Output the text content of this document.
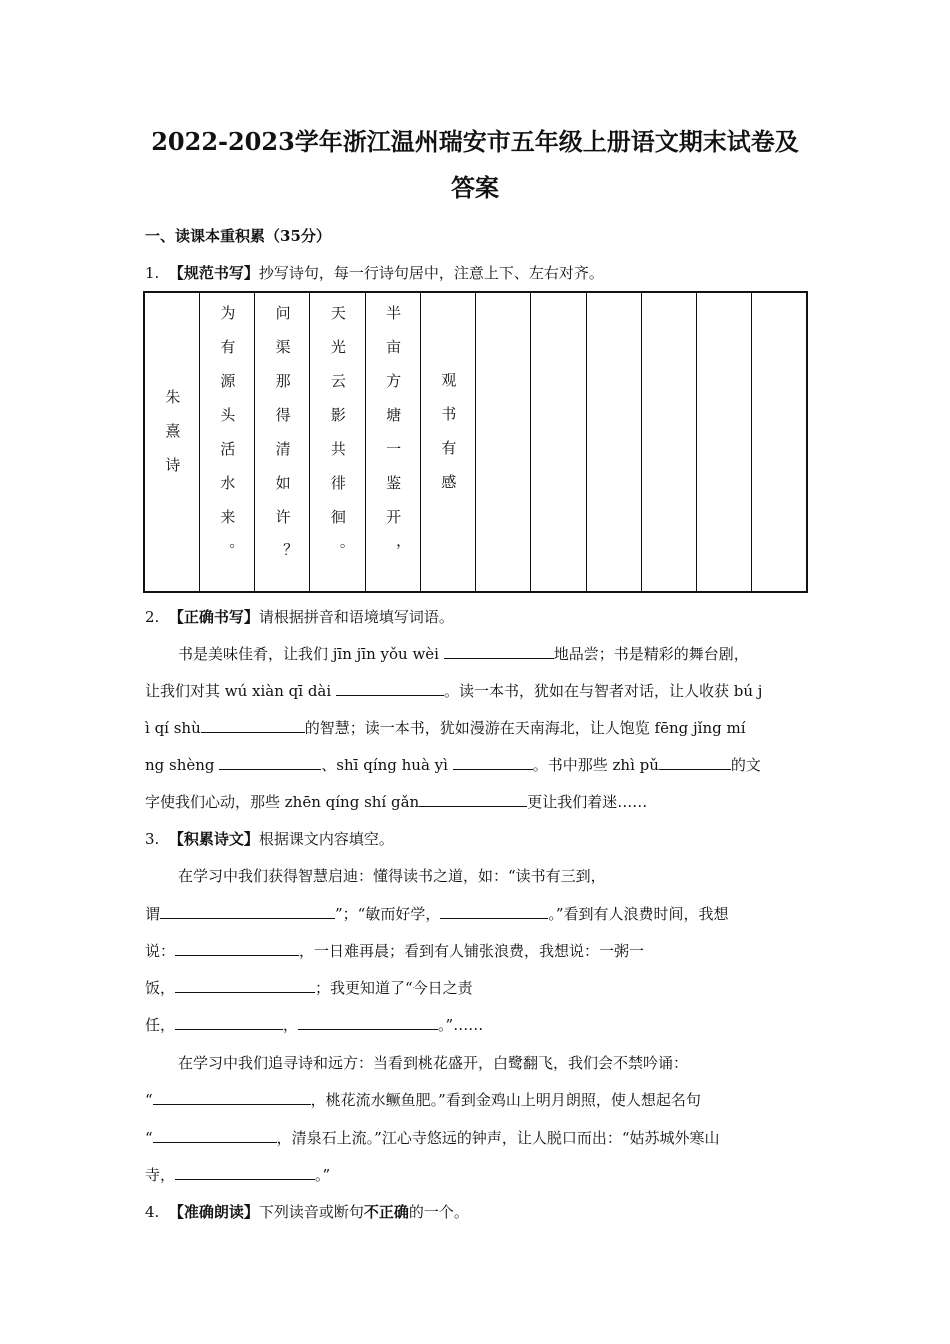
2022-2023学年浙江温州瑞安市五年级上册语文期末试卷及
答案
一、读课本重积累（35分）
1. 【规范书写】抄写诗句，每一行诗句居中，注意上下、左右对齐。
朱熹诗	为有源头活水来。	问渠那得清如许？	天光云影共徘徊。	半亩方塘一鉴开，	观书有感						
2. 【正确书写】请根据拼音和语境填写词语。
书是美味佳肴，让我们 jīn jīn yǒu wèi	地品尝；书是精彩的舞台剧，
让我们对其 wú xiàn qī dài	。读一本书，犹如在与智者对话，让人收获 bú j
ì qí shù	的智慧；读一本书，犹如漫游在天南海北，让人饱览 fēng jǐng mí
ng shèng	、shī qíng huà yì	。书中那些 zhì pǔ	的文
字使我们心动，那些 zhēn qíng shí gǎn	更让我们着迷……
3. 【积累诗文】根据课文内容填空。
在学习中我们获得智慧启迪：懂得读书之道，如：“读书有三到，
谓	”；“敏而好学，	。”看到有人浪费时间，我想
说：	，一日难再晨；看到有人铺张浪费，我想说：一粥一
饭，	；我更知道了“今日之责
任，	，	。”……
在学习中我们追寻诗和远方：当看到桃花盛开，白鹭翻飞，我们会不禁吟诵：
“	，桃花流水鳜鱼肥。”看到金鸡山上明月朗照，使人想起名句
“	，清泉石上流。”江心寺悠远的钟声，让人脱口而出：“姑苏城外寒山
寺，	。”
4. 【准确朗读】下列读音或断句不正确的一个。
